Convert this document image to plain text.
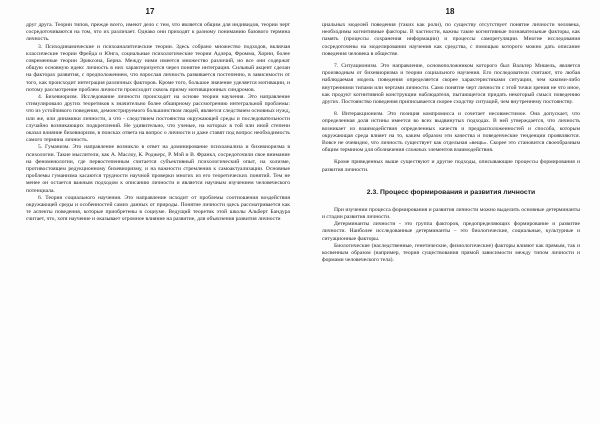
17

друг друга. Теории типов, прежде всего, имеют дело с тем, что является общим для индивидов, теории черт сосредоточиваются на том, что их различает. Однако они приходят к разному пониманию базового термина личность.

3. Психодинамические и психоаналитические теории. Здесь собрано множество подходов, включая классические теории Фрейда и Юнга, социальные психологические теории Адлера, Фромма, Хорни, более современные теории Эриксона, Берна. Между ними имеется множество различий, но все они содержат общую основную идею: личность в них характеризуется через понятие интеграция. Сильный акцент сделан на факторах развития, с предположением, что взрослая личность развивается постепенно, в зависимости от того, как происходит интеграция различных факторов. Кроме того, большое значение уделяется мотивации, и потому рассмотрение проблем личности происходит сквозь призму мотивационных синдромов.

4. Бихевиоризм. Исследование личности происходит на основе теории научения. Это направление стимулировало других теоретиков к значительно более обширному рассмотрению интегральной проблемы: что из устойчивого поведения, демонстрируемого большинством людей, является следствием основных нужд, или же, или динамики личности, а что - следствием постоянства окружающей среды и последовательности случайно возникающих подкреплений. Не удивительно, что ученые, на которых в той или иной степени оказал влияние бихевиоризм, в поисках ответа на вопрос о личности и даже ставят под вопрос необходимость самого термина личность.

5. Гуманизм. Это направление возникло в ответ на доминирование психоанализа и бихевиоризма в психологии. Такие мыслители, как А. Маслоу, К. Роджерс, Р. Мэй и В. Франкл, сосредоточили свое внимание на феноменологии, где первостепенным считается субъективный психологический опыт, на холизме, противостоящем редукционному бихевиоризму, и на важности стремления к самоактуализации. Основные проблемы гуманизма касаются трудности научной проверки многих из его теоретических понятий. Тем не менее он остается важным подходом к описанию личности и является научным изучением человеческого потенциала.

6. Теория социального научения. Это направление исходит от проблемы соотношения воздействия окружающей среды и особенностей самих данных от природы. Понятие личности здесь рассматривается как те аспекты поведения, которые приобретены в социуме. Ведущий теоретик этой школы Альберт Бандура считает, что, хотя научение и оказывает огромное влияние на развитие, для объяснения развития личности

18

циальных моделей поведения (таких как роли), по существу отсутствует понятие личности человека, необходимы когнитивные факторы. В частности, важны такие когнитивные познавательные факторы, как память (процессы сохранения информации) и процессы саморегуляции. Многие исследования сосредоточены на моделировании научения как средства, с помощью которого можно дать описание поведения человека в обществе.

7. Ситуационизм. Это направление, основоположником которого был Вальтер Мишель, является производным от бихевиоризма и теории социального научения. Его последователи считают, что любая наблюдаемая модель поведения определяется скорее характеристиками ситуации, чем какими-либо внутренними типами или чертами личности. Само понятие черт личности с этой точки зрения не что иное, как продукт когнитивной конструкции наблюдателя, пытающегося придать некоторый смысл поведению других. Постоянство поведения приписывается скорее сходству ситуаций, чем внутреннему постоянству.

8. Интеракционизм. Это позиция компромисса и сочетает несовместимое. Она допускает, что определенная доля истины имеется во всех выдвинутых подходах. В ней утверждается, что личность возникает из взаимодействия определенных качеств и предрасположенностей и способа, которым окружающая среда влияет на то, каким образом эти качества и поведенческие тенденции проявляются. Вовсе не очевидно, что личность существует как отдельная «вещь». Скорее это становится своеобразным общим термином для обозначения сложных элементов взаимодействия.

Кроме приведенных выше существуют и другие подходы, описывающие процессы формирования и развития личности.

2.3. Процесс формирования и развития личности

При изучении процесса формирования и развития личности можно выделить основные детерминанты и стадии развития личности.

Детерминанты личности - это группа факторов, предопределяющих формирование и развитие личности. Наиболее исследованные детерминанты – это биологические, социальные, культурные и ситуационные факторы.

Биологические (наследственные, генетические, физиологические) факторы влияют как прямым, так и косвенным образом (например, теория существования прямой зависимости между типом личности и формами человеческого тела).
